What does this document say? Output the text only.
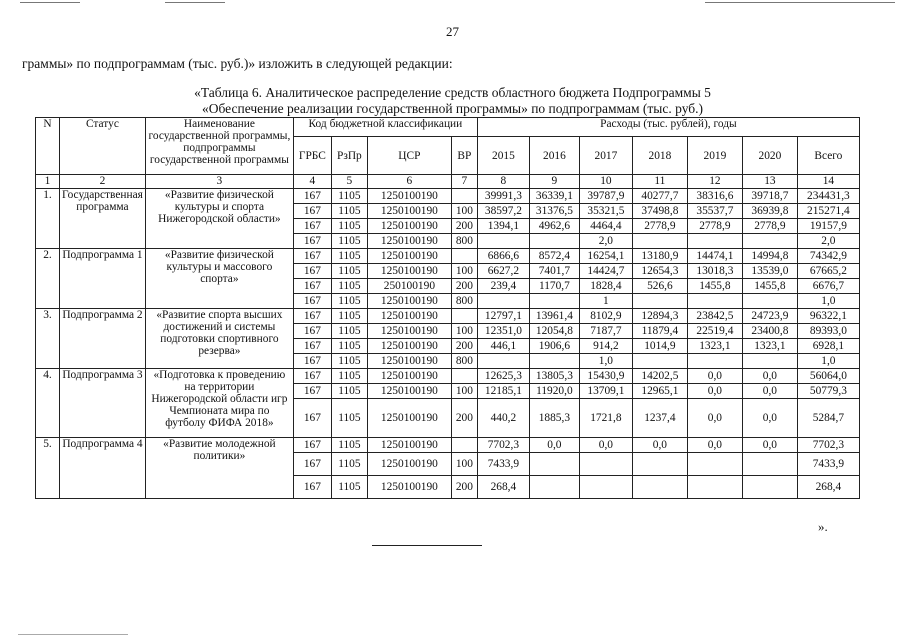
27
граммы» по подпрограммам (тыс. руб.)» изложить в следующей редакции:
«Таблица 6. Аналитическое распределение средств областного бюджета Подпрограммы 5
«Обеспечение реализации государственной программы» по подпрограммам (тыс. руб.)
N	Статус	Наименование государственной программы, подпрограммы государственной программы	Код бюджетной классификации				Расходы (тыс. рублей), годы						
			ГРБС	РзПр	ЦСР	ВР	2015	2016	2017	2018	2019	2020	Всего
1	2	3	4	5	6	7	8	9	10	11	12	13	14
1.	Государственная программа	«Развитие физической культуры и спорта Нижегородской области»	167	1105	1250100190		39991,3	36339,1	39787,9	40277,7	38316,6	39718,7	234431,3
			167	1105	1250100190	100	38597,2	31376,5	35321,5	37498,8	35537,7	36939,8	215271,4
			167	1105	1250100190	200	1394,1	4962,6	4464,4	2778,9	2778,9	2778,9	19157,9
			167	1105	1250100190	800			2,0				2,0
2.	Подпрограмма 1	«Развитие физической культуры и массового спорта»	167	1105	1250100190		6866,6	8572,4	16254,1	13180,9	14474,1	14994,8	74342,9
			167	1105	1250100190	100	6627,2	7401,7	14424,7	12654,3	13018,3	13539,0	67665,2
			167	1105	250100190	200	239,4	1170,7	1828,4	526,6	1455,8	1455,8	6676,7
			167	1105	1250100190	800			1				1,0
3.	Подпрограмма 2	«Развитие спорта высших достижений и системы подготовки спортивного резерва»	167	1105	1250100190		12797,1	13961,4	8102,9	12894,3	23842,5	24723,9	96322,1
			167	1105	1250100190	100	12351,0	12054,8	7187,7	11879,4	22519,4	23400,8	89393,0
			167	1105	1250100190	200	446,1	1906,6	914,2	1014,9	1323,1	1323,1	6928,1
			167	1105	1250100190	800			1,0				1,0
4.	Подпрограмма 3	«Подготовка к проведению на территории Нижегородской области игр Чемпионата мира по футболу ФИФА 2018»	167	1105	1250100190		12625,3	13805,3	15430,9	14202,5	0,0	0,0	56064,0
			167	1105	1250100190	100	12185,1	11920,0	13709,1	12965,1	0,0	0,0	50779,3
			167	1105	1250100190	200	440,2	1885,3	1721,8	1237,4	0,0	0,0	5284,7
5.	Подпрограмма 4	«Развитие молодежной политики»	167	1105	1250100190		7702,3	0,0	0,0	0,0	0,0	0,0	7702,3
			167	1105	1250100190	100	7433,9						7433,9
			167	1105	1250100190	200	268,4						268,4
».
